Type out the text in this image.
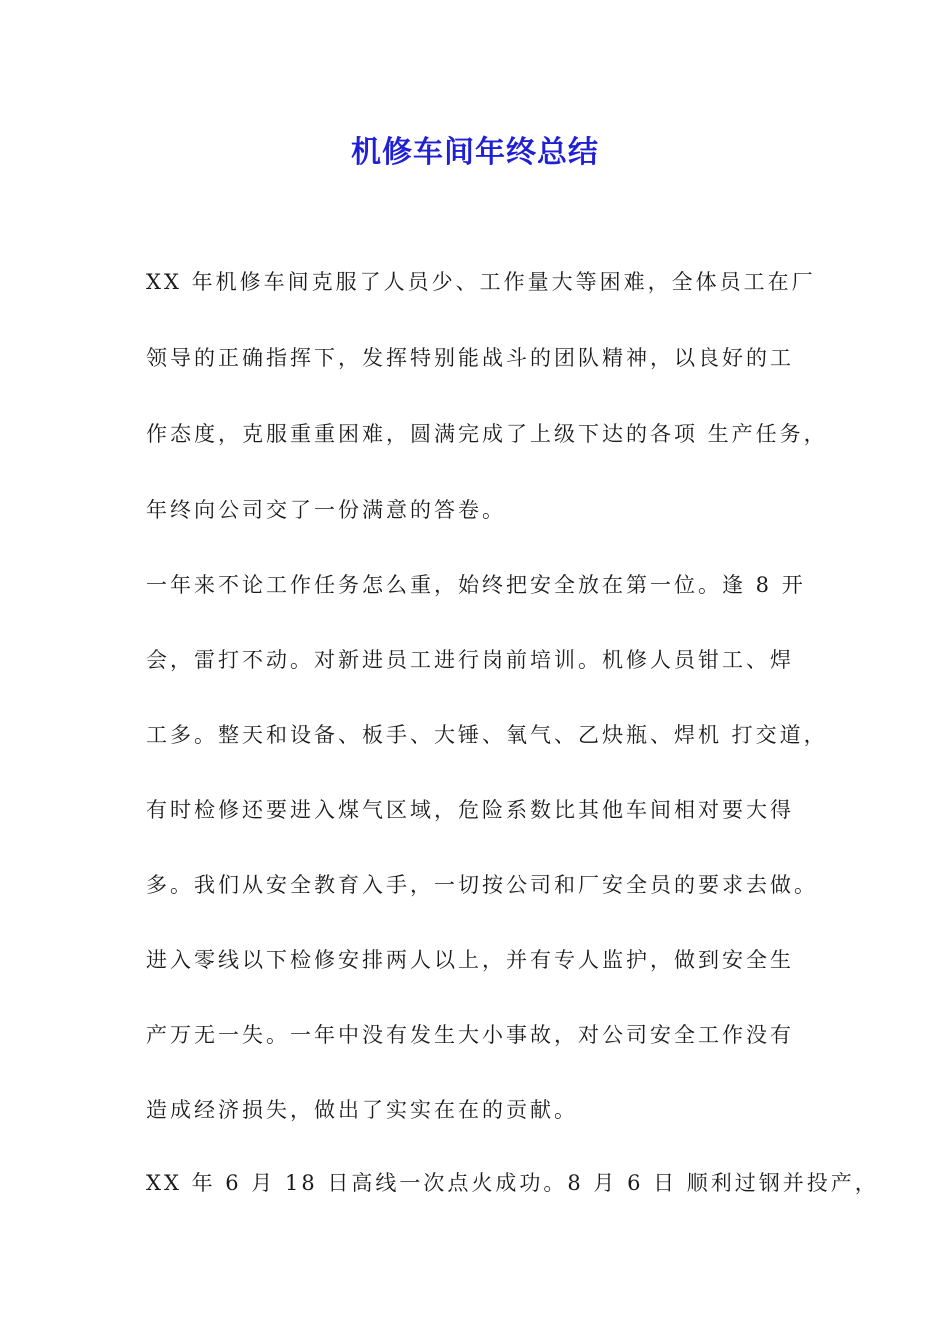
机修车间年终总结
XX 年机修车间克服了人员少、工作量大等困难，全体员工在厂
领导的正确指挥下，发挥特别能战斗的团队精神，以良好的工
作态度，克服重重困难，圆满完成了上级下达的各项 生产任务，
年终向公司交了一份满意的答卷。
一年来不论工作任务怎么重，始终把安全放在第一位。逢 8 开
会，雷打不动。对新进员工进行岗前培训。机修人员钳工、焊
工多。整天和设备、板手、大锤、氧气、乙炔瓶、焊机 打交道，
有时检修还要进入煤气区域，危险系数比其他车间相对要大得
多。我们从安全教育入手，一切按公司和厂安全员的要求去做。
进入零线以下检修安排两人以上，并有专人监护，做到安全生
产万无一失。一年中没有发生大小事故，对公司安全工作没有
造成经济损失，做出了实实在在的贡献。
XX 年 6 月 18 日高线一次点火成功。8 月 6 日 顺利过钢并投产，
